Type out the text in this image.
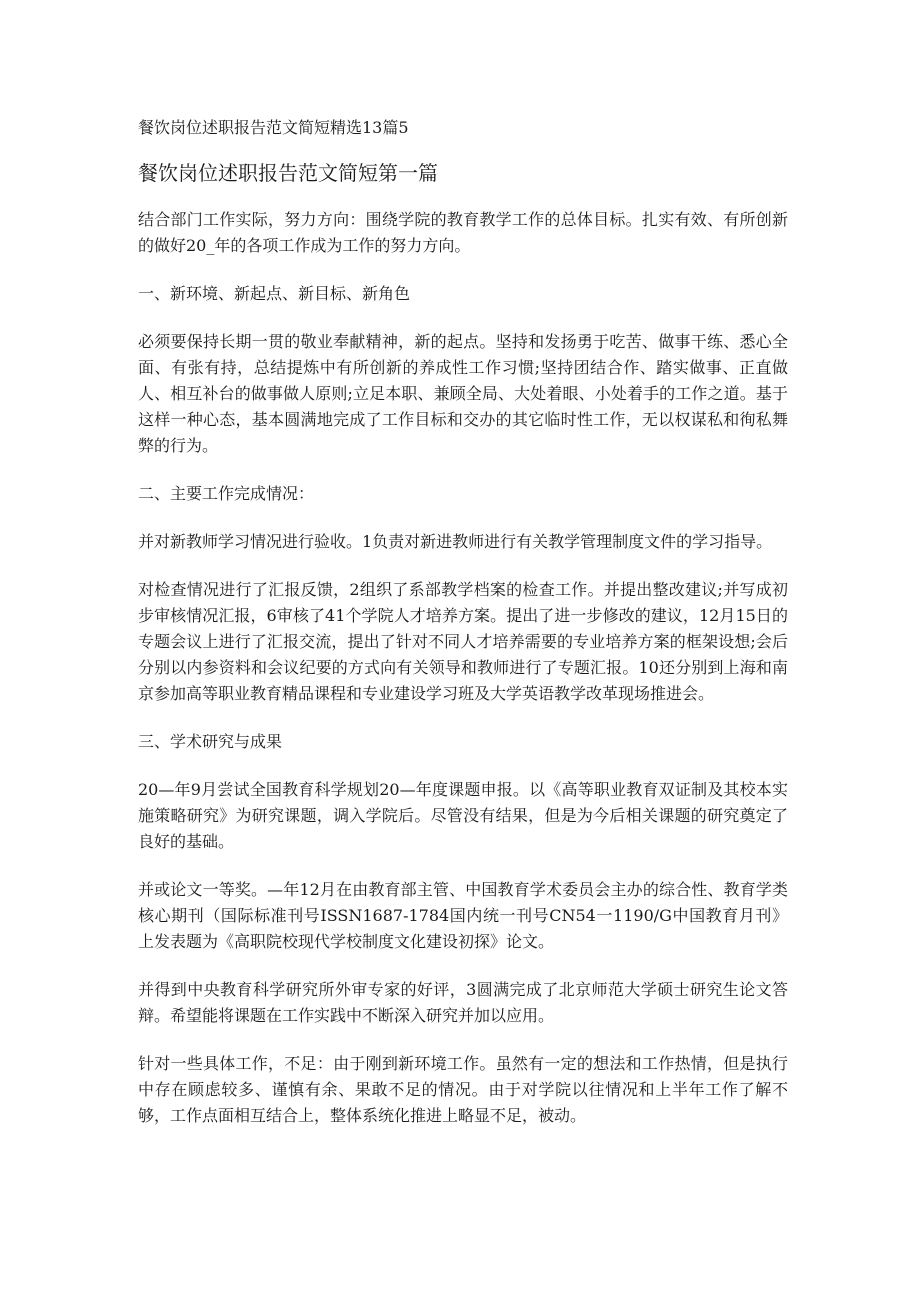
餐饮岗位述职报告范文简短精选13篇5
餐饮岗位述职报告范文简短第一篇

结合部门工作实际，努力方向：围绕学院的教育教学工作的总体目标。扎实有效、有所创新的做好20_年的各项工作成为工作的努力方向。

一、新环境、新起点、新目标、新角色

必须要保持长期一贯的敬业奉献精神，新的起点。坚持和发扬勇于吃苦、做事干练、悉心全面、有张有持，总结提炼中有所创新的养成性工作习惯;坚持团结合作、踏实做事、正直做人、相互补台的做事做人原则;立足本职、兼顾全局、大处着眼、小处着手的工作之道。基于这样一种心态，基本圆满地完成了工作目标和交办的其它临时性工作，无以权谋私和徇私舞弊的行为。

二、主要工作完成情况：

并对新教师学习情况进行验收。1负责对新进教师进行有关教学管理制度文件的学习指导。

对检查情况进行了汇报反馈，2组织了系部教学档案的检查工作。并提出整改建议;并写成初步审核情况汇报，6审核了41个学院人才培养方案。提出了进一步修改的建议，12月15日的专题会议上进行了汇报交流，提出了针对不同人才培养需要的专业培养方案的框架设想;会后分别以内参资料和会议纪要的方式向有关领导和教师进行了专题汇报。10还分别到上海和南京参加高等职业教育精品课程和专业建设学习班及大学英语教学改革现场推进会。

三、学术研究与成果

20—年9月尝试全国教育科学规划20—年度课题申报。以《高等职业教育双证制及其校本实施策略研究》为研究课题，调入学院后。尽管没有结果，但是为今后相关课题的研究奠定了良好的基础。

并或论文一等奖。—年12月在由教育部主管、中国教育学术委员会主办的综合性、教育学类核心期刊（国际标准刊号ISSN1687-1784国内统一刊号CN54一1190/G中国教育月刊》上发表题为《高职院校现代学校制度文化建设初探》论文。

并得到中央教育科学研究所外审专家的好评，3圆满完成了北京师范大学硕士研究生论文答辩。希望能将课题在工作实践中不断深入研究并加以应用。

针对一些具体工作，不足：由于刚到新环境工作。虽然有一定的想法和工作热情，但是执行中存在顾虑较多、谨慎有余、果敢不足的情况。由于对学院以往情况和上半年工作了解不够，工作点面相互结合上，整体系统化推进上略显不足，被动。
